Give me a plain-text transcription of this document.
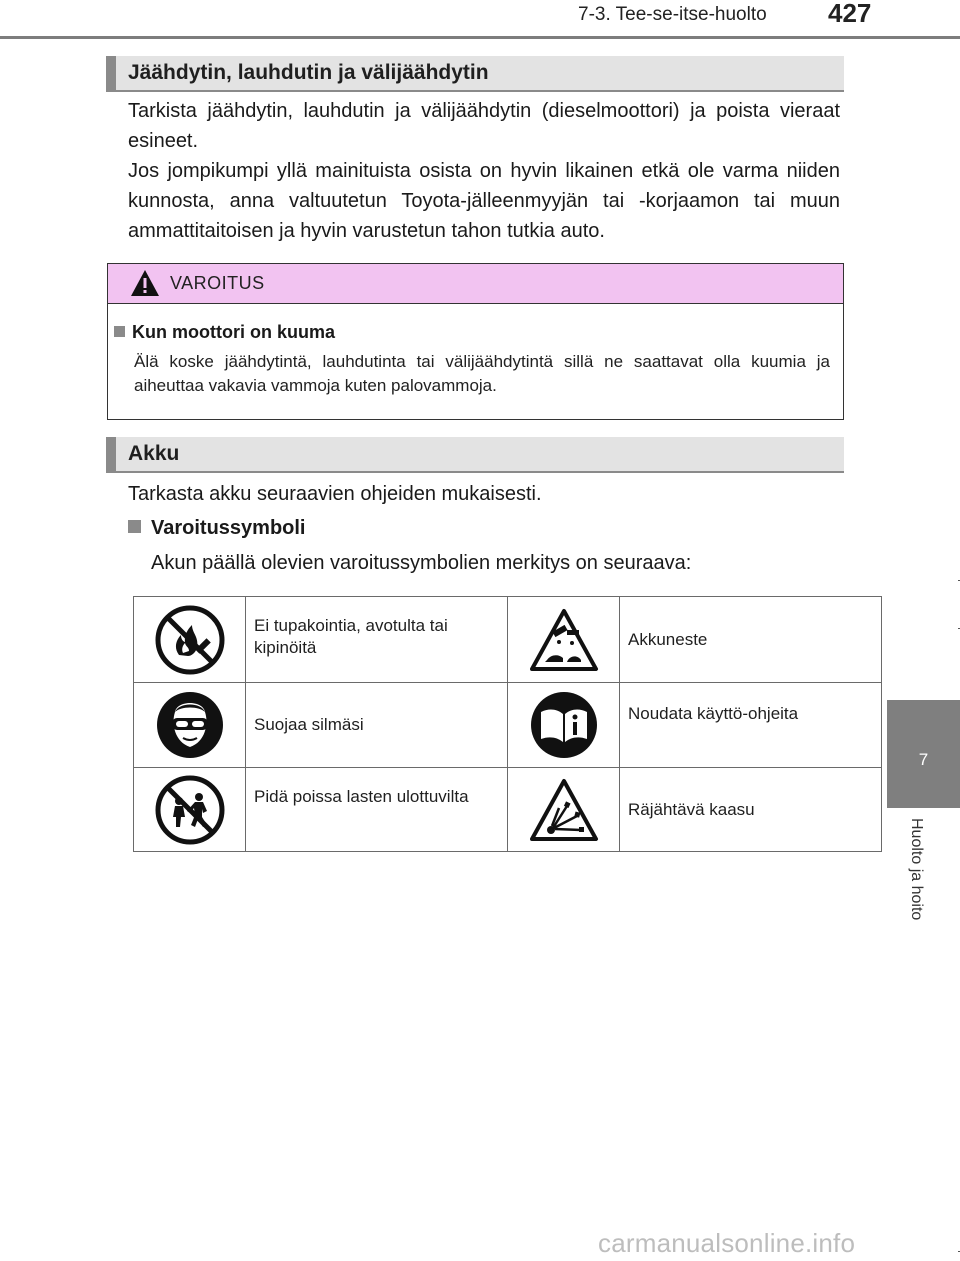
7-3. Tee-se-itse-huolto 427
7
Huolto ja hoito
Jäähdytin, lauhdutin ja välijäähdytin

Tarkista jäähdytin, lauhdutin ja välijäähdytin (dieselmoottori) ja poista vieraat esineet.

Jos jompikumpi yllä mainituista osista on hyvin likainen etkä ole varma niiden kunnosta, anna valtuutetun Toyota-jälleenmyyjän tai -korjaamon tai muun ammattitaitoisen ja hyvin varustetun tahon tutkia auto.

VAROITUS
Kun moottori on kuuma
Älä koske jäähdytintä, lauhdutinta tai välijäähdytintä sillä ne saattavat olla kuumia ja aiheuttaa vakavia vammoja kuten palovammoja.
Akku
Tarkasta akku seuraavien ohjeiden mukaisesti.
Varoitussymboli
Akun päällä olevien varoitussymbolien merkitys on seuraava:
	Ei tupakointia, avotulta tai kipinöitä		Akkuneste

	Suojaa silmäsi		Noudata käyttö-ohjeita

	Pidä poissa lasten ulottuvilta		Räjähtävä kaasu
carmanualsonline.info
